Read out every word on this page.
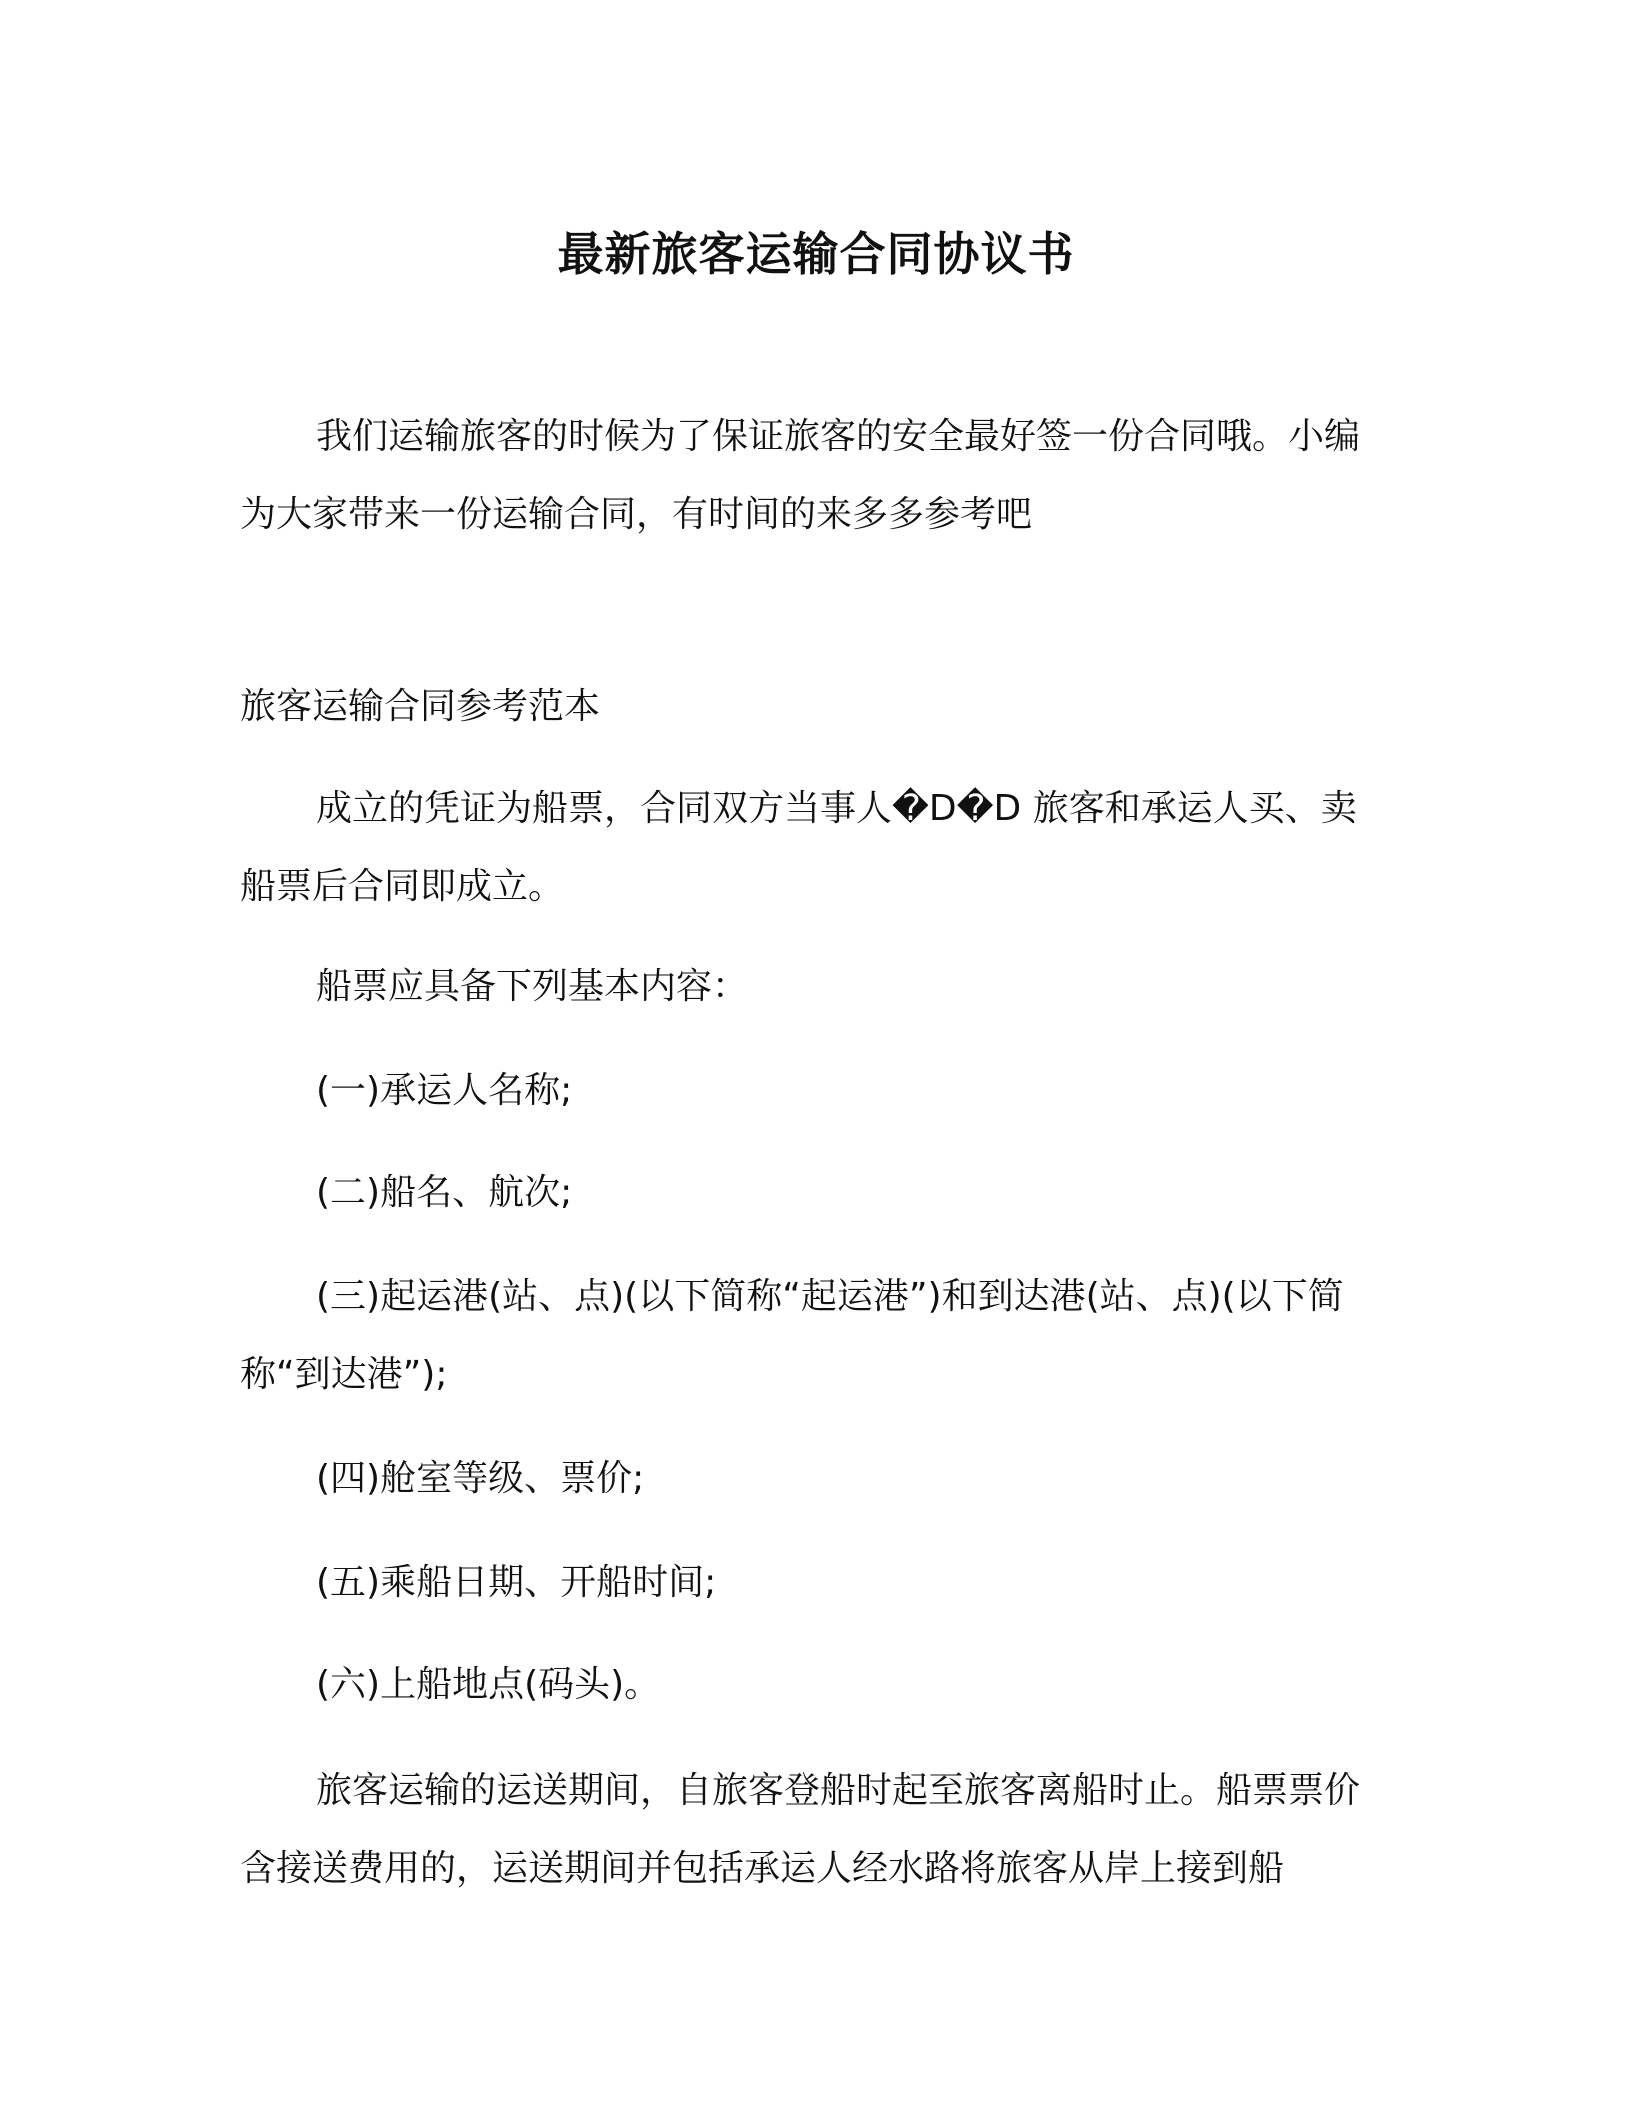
最新旅客运输合同协议书

我们运输旅客的时候为了保证旅客的安全最好签一份合同哦。小编为大家带来一份运输合同，有时间的来多多参考吧

旅客运输合同参考范本

成立的凭证为船票，合同双方当事人�D�D 旅客和承运人买、卖船票后合同即成立。

船票应具备下列基本内容：

(一)承运人名称;

(二)船名、航次;

(三)起运港(站、点)(以下简称“起运港”)和到达港(站、点)(以下简称“到达港”);

(四)舱室等级、票价;

(五)乘船日期、开船时间;

(六)上船地点(码头)。

旅客运输的运送期间，自旅客登船时起至旅客离船时止。船票票价含接送费用的，运送期间并包括承运人经水路将旅客从岸上接到船
